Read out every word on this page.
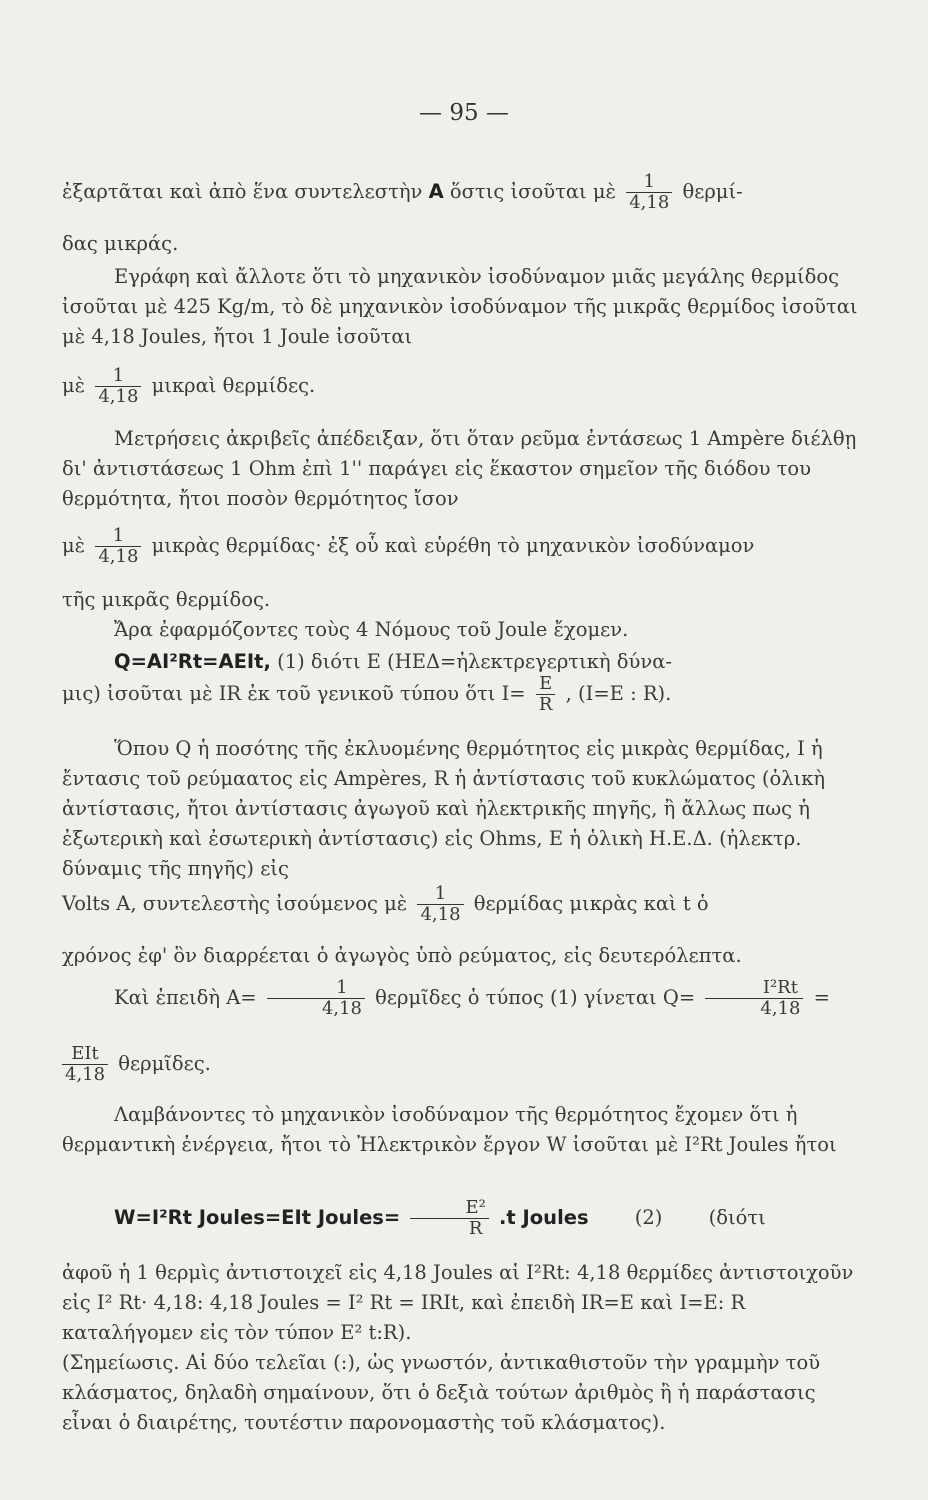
— 95 —
ἐξαρτᾶται καὶ ἀπὸ ἕνα συντελεστὴν A ὅστις ἰσοῦται μὲ $\frac{1}{4,18} \theta\varepsilon\rho\mu ί-$
δας μικράς.

Εγράφη καὶ ἄλλοτε ὅτι τὸ μηχανικὸν ἰσοδύναμον μιᾶς μεγάλης θερμίδος ἰσοῦται μὲ 425 Kg/m, τὸ δὲ μηχανικὸν ἰσοδύναμον τῆς μικρᾶς θερμίδος ἰσοῦται μὲ 4,18 Joules, ἤτοι 1 Joule ἰσοῦται

μὲ $\frac{1}{4,18}$ μικραὶ θερμίδες.

Μετρήσεις ἀκριβεῖς ἀπέδειξαν, ὅτι ὅταν ρεῦμα ἐντάσεως 1 Ampère διέλθῃ δι' ἀντιστάσεως 1 Ohm ἐπὶ 1'' παράγει εἰς ἕκαστον σημεῖον τῆς διόδου του θερμότητα, ἤτοι ποσὸν θερμότητος ἴσον

μὲ $\frac{1}{4,18}$ μικρὰς θερμίδας· ἐξ οὗ καὶ εὑρέθη τὸ μηχανικὸν ἰσοδύναμον
τῆς μικρᾶς θερμίδος.
Ἄρα ἐφαρμόζοντες τοὺς 4 Νόμους τοῦ Joule ἔχομεν.
Q=AI²Rt=AEIt, (1) διότι E (ΗΕΔ=ἠλεκτρεγερτικὴ δύνα-
μις) ἰσοῦται μὲ IR ἐκ τοῦ γενικοῦ τύπου ὅτι $I= \frac{E}{R}$ , (I=E : R).

Ὅπου Q ἡ ποσότης τῆς ἐκλυομένης θερμότητος εἰς μικρὰς θερμίδας, I ἡ ἔντασις τοῦ ρεύμαατος εἰς Ampères, R ἡ ἀντίστασις τοῦ κυκλώματος (ὁλικὴ ἀντίστασις, ἤτοι ἀντίστασις ἀγωγοῦ καὶ ἠλεκτρικῆς πηγῆς, ἢ ἄλλως πως ἡ ἐξωτερικὴ καὶ ἐσωτερικὴ ἀντίστασις) εἰς Ohms, E ἡ ὁλικὴ Η.Ε.Δ. (ἠλεκτρ. δύναμις τῆς πηγῆς) εἰς

Volts A, συντελεστὴς ἰσούμενος μὲ $\frac{1}{4,18}$ θερμίδας μικρὰς καὶ t ὁ
χρόνος ἐφ' ὃν διαρρέεται ὁ ἀγωγὸς ὑπὸ ρεύματος, εἰς δευτερόλεπτα.
Καὶ ἐπειδὴ $A= \frac{1}{4,18}$ θερμῖδες ὁ τύπος (1) γίνεται $Q= \frac{\text{I²Rt}}{4,18}$ =
$\frac{\text{EIt}}{4,18}$ θερμῖδες.

Λαμβάνοντες τὸ μηχανικὸν ἰσοδύναμον τῆς θερμότητος ἔχομεν ὅτι ἡ θερμαντικὴ ἐνέργεια, ἤτοι τὸ Ἠλεκτρικὸν ἔργον W ἰσοῦται μὲ I²Rt Joules ἤτοι

W=I²Rt Joules=EIt Joules= $\frac{\text{E²}}{R} .t$ Joules (2) (διότι

ἀφοῦ ἡ 1 θερμὶς ἀντιστοιχεῖ εἰς 4,18 Joules αἱ I²Rt: 4,18 θερμίδες ἀντιστοιχοῦν εἰς I² Rt· 4,18: 4,18 Joules = I² Rt = IRIt, καὶ ἐπειδὴ IR=E καὶ I=E: R καταλήγομεν εἰς τὸν τύπον E² t:R).

(Σημείωσις. Αἱ δύο τελεῖαι (:), ὡς γνωστόν, ἀντικαθιστοῦν τὴν γραμμὴν τοῦ κλάσματος, δηλαδὴ σημαίνουν, ὅτι ὁ δεξιὰ τούτων ἀριθμὸς ἢ ἡ παράστασις εἶναι ὁ διαιρέτης, τουτέστιν παρονομαστὴς τοῦ κλάσματος).
